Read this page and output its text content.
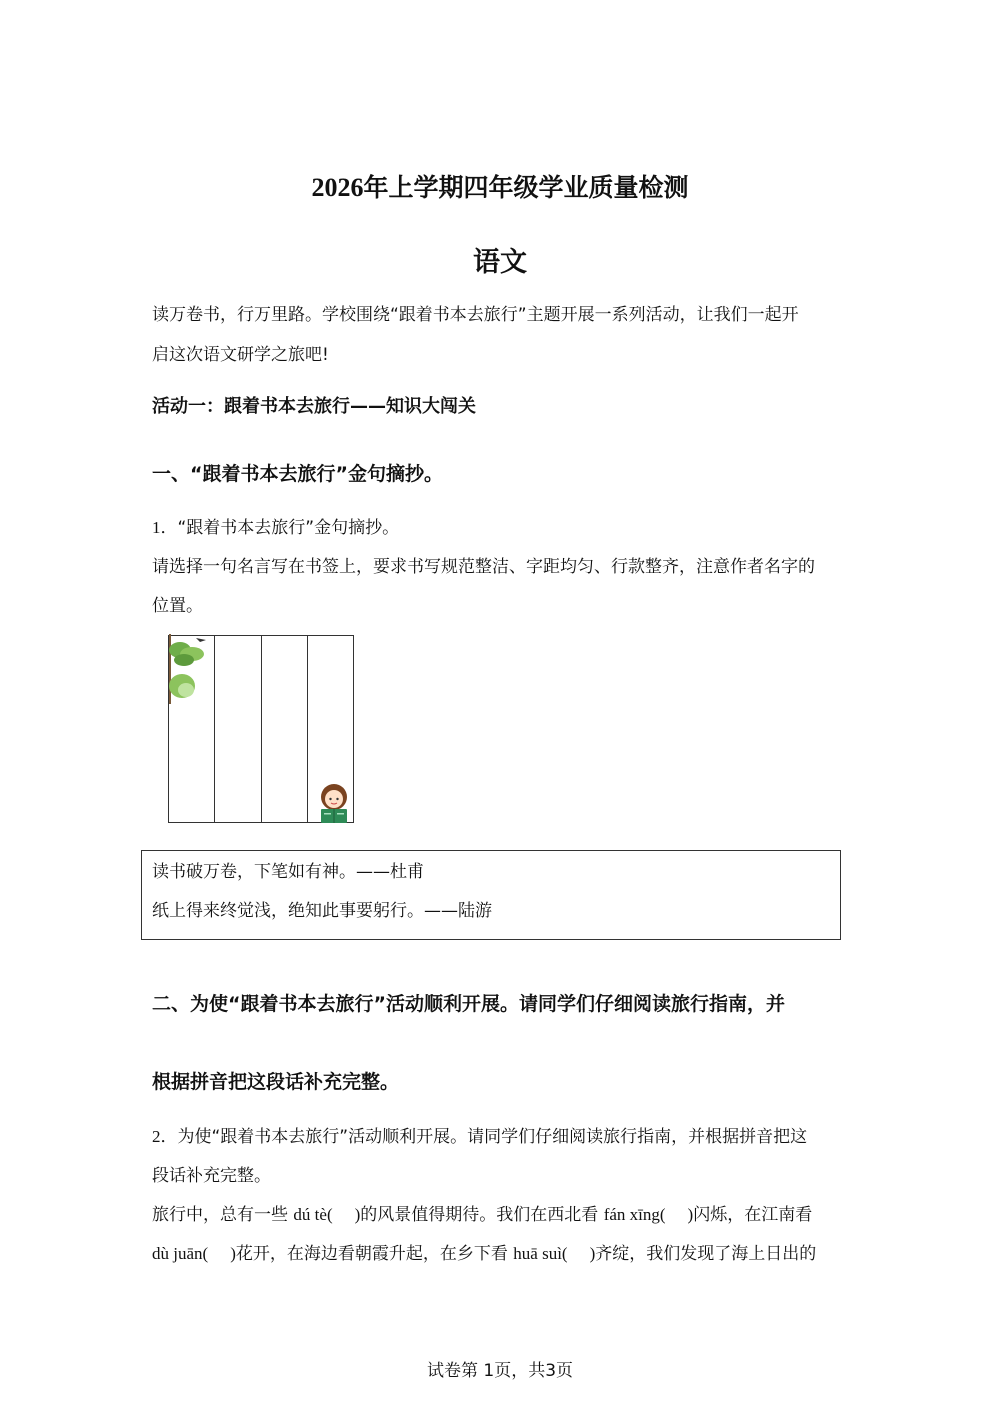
2026年上学期四年级学业质量检测
语文
读万卷书，行万里路。学校围绕“跟着书本去旅行”主题开展一系列活动，让我们一起开
启这次语文研学之旅吧!
活动一：跟着书本去旅行——知识大闯关
一、“跟着书本去旅行”金句摘抄。
1．“跟着书本去旅行”金句摘抄。
请选择一句名言写在书签上，要求书写规范整洁、字距均匀、行款整齐，注意作者名字的
位置。
读书破万卷，下笔如有神。——杜甫
纸上得来终觉浅，绝知此事要躬行。——陆游
二、为使“跟着书本去旅行”活动顺利开展。请同学们仔细阅读旅行指南，并
根据拼音把这段话补充完整。
2．为使“跟着书本去旅行”活动顺利开展。请同学们仔细阅读旅行指南，并根据拼音把这
段话补充完整。
旅行中，总有一些 dú tè( )的风景值得期待。我们在西北看 fán xīng( )闪烁，在江南看
dù juān( )花开，在海边看朝霞升起，在乡下看 huā suì( )齐绽，我们发现了海上日出的
试卷第 1页，共3页
